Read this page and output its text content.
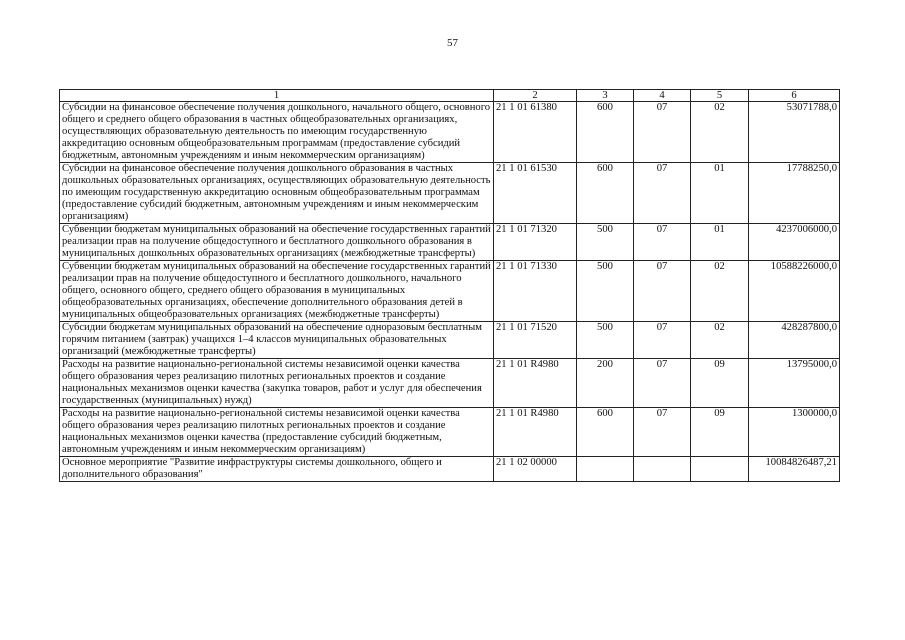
57
1	2	3	4	5	6
Субсидии на финансовое обеспечение получения дошкольного, начального общего, основного общего и среднего общего образования в частных общеобразовательных организациях, осуществляющих образовательную деятельность по имеющим государственную аккредитацию основным общеобразовательным программам (предоставление субсидий бюджетным, автономным учреждениям и иным некоммерческим организациям)	21 1 01 61380	600	07	02	53071788,0
Субсидии на финансовое обеспечение получения дошкольного образования в частных дошкольных образовательных организациях, осуществляющих образовательную деятельность по имеющим государственную аккредитацию основным общеобразовательным программам (предоставление субсидий бюджетным, автономным учреждениям и иным некоммерческим организациям)	21 1 01 61530	600	07	01	17788250,0
Субвенции бюджетам муниципальных образований на обеспечение государственных гарантий реализации прав на получение общедоступного и бесплатного дошкольного образования в муниципальных дошкольных образовательных организациях (межбюджетные трансферты)	21 1 01 71320	500	07	01	4237006000,0
Субвенции бюджетам муниципальных образований на обеспечение государственных гарантий реализации прав на получение общедоступного и бесплатного дошкольного, начального общего, основного общего, среднего общего образования в муниципальных общеобразовательных организациях, обеспечение дополнительного образования детей в муниципальных общеобразовательных организациях (межбюджетные трансферты)	21 1 01 71330	500	07	02	10588226000,0
Субсидии бюджетам муниципальных образований на обеспечение одноразовым бесплатным горячим питанием (завтрак) учащихся 1–4 классов муниципальных образовательных организаций (межбюджетные трансферты)	21 1 01 71520	500	07	02	428287800,0
Расходы на развитие национально-региональной системы независимой оценки качества общего образования через реализацию пилотных региональных проектов и создание национальных механизмов оценки качества (закупка товаров, работ и услуг для обеспечения государственных (муниципальных) нужд)	21 1 01 R4980	200	07	09	13795000,0
Расходы на развитие национально-региональной системы независимой оценки качества общего образования через реализацию пилотных региональных проектов и создание национальных механизмов оценки качества (предоставление субсидий бюджетным, автономным учреждениям и иным некоммерческим организациям)	21 1 01 R4980	600	07	09	1300000,0
Основное мероприятие "Развитие инфраструктуры системы дошкольного, общего и дополнительного образования"	21 1 02 00000				10084826487,21
